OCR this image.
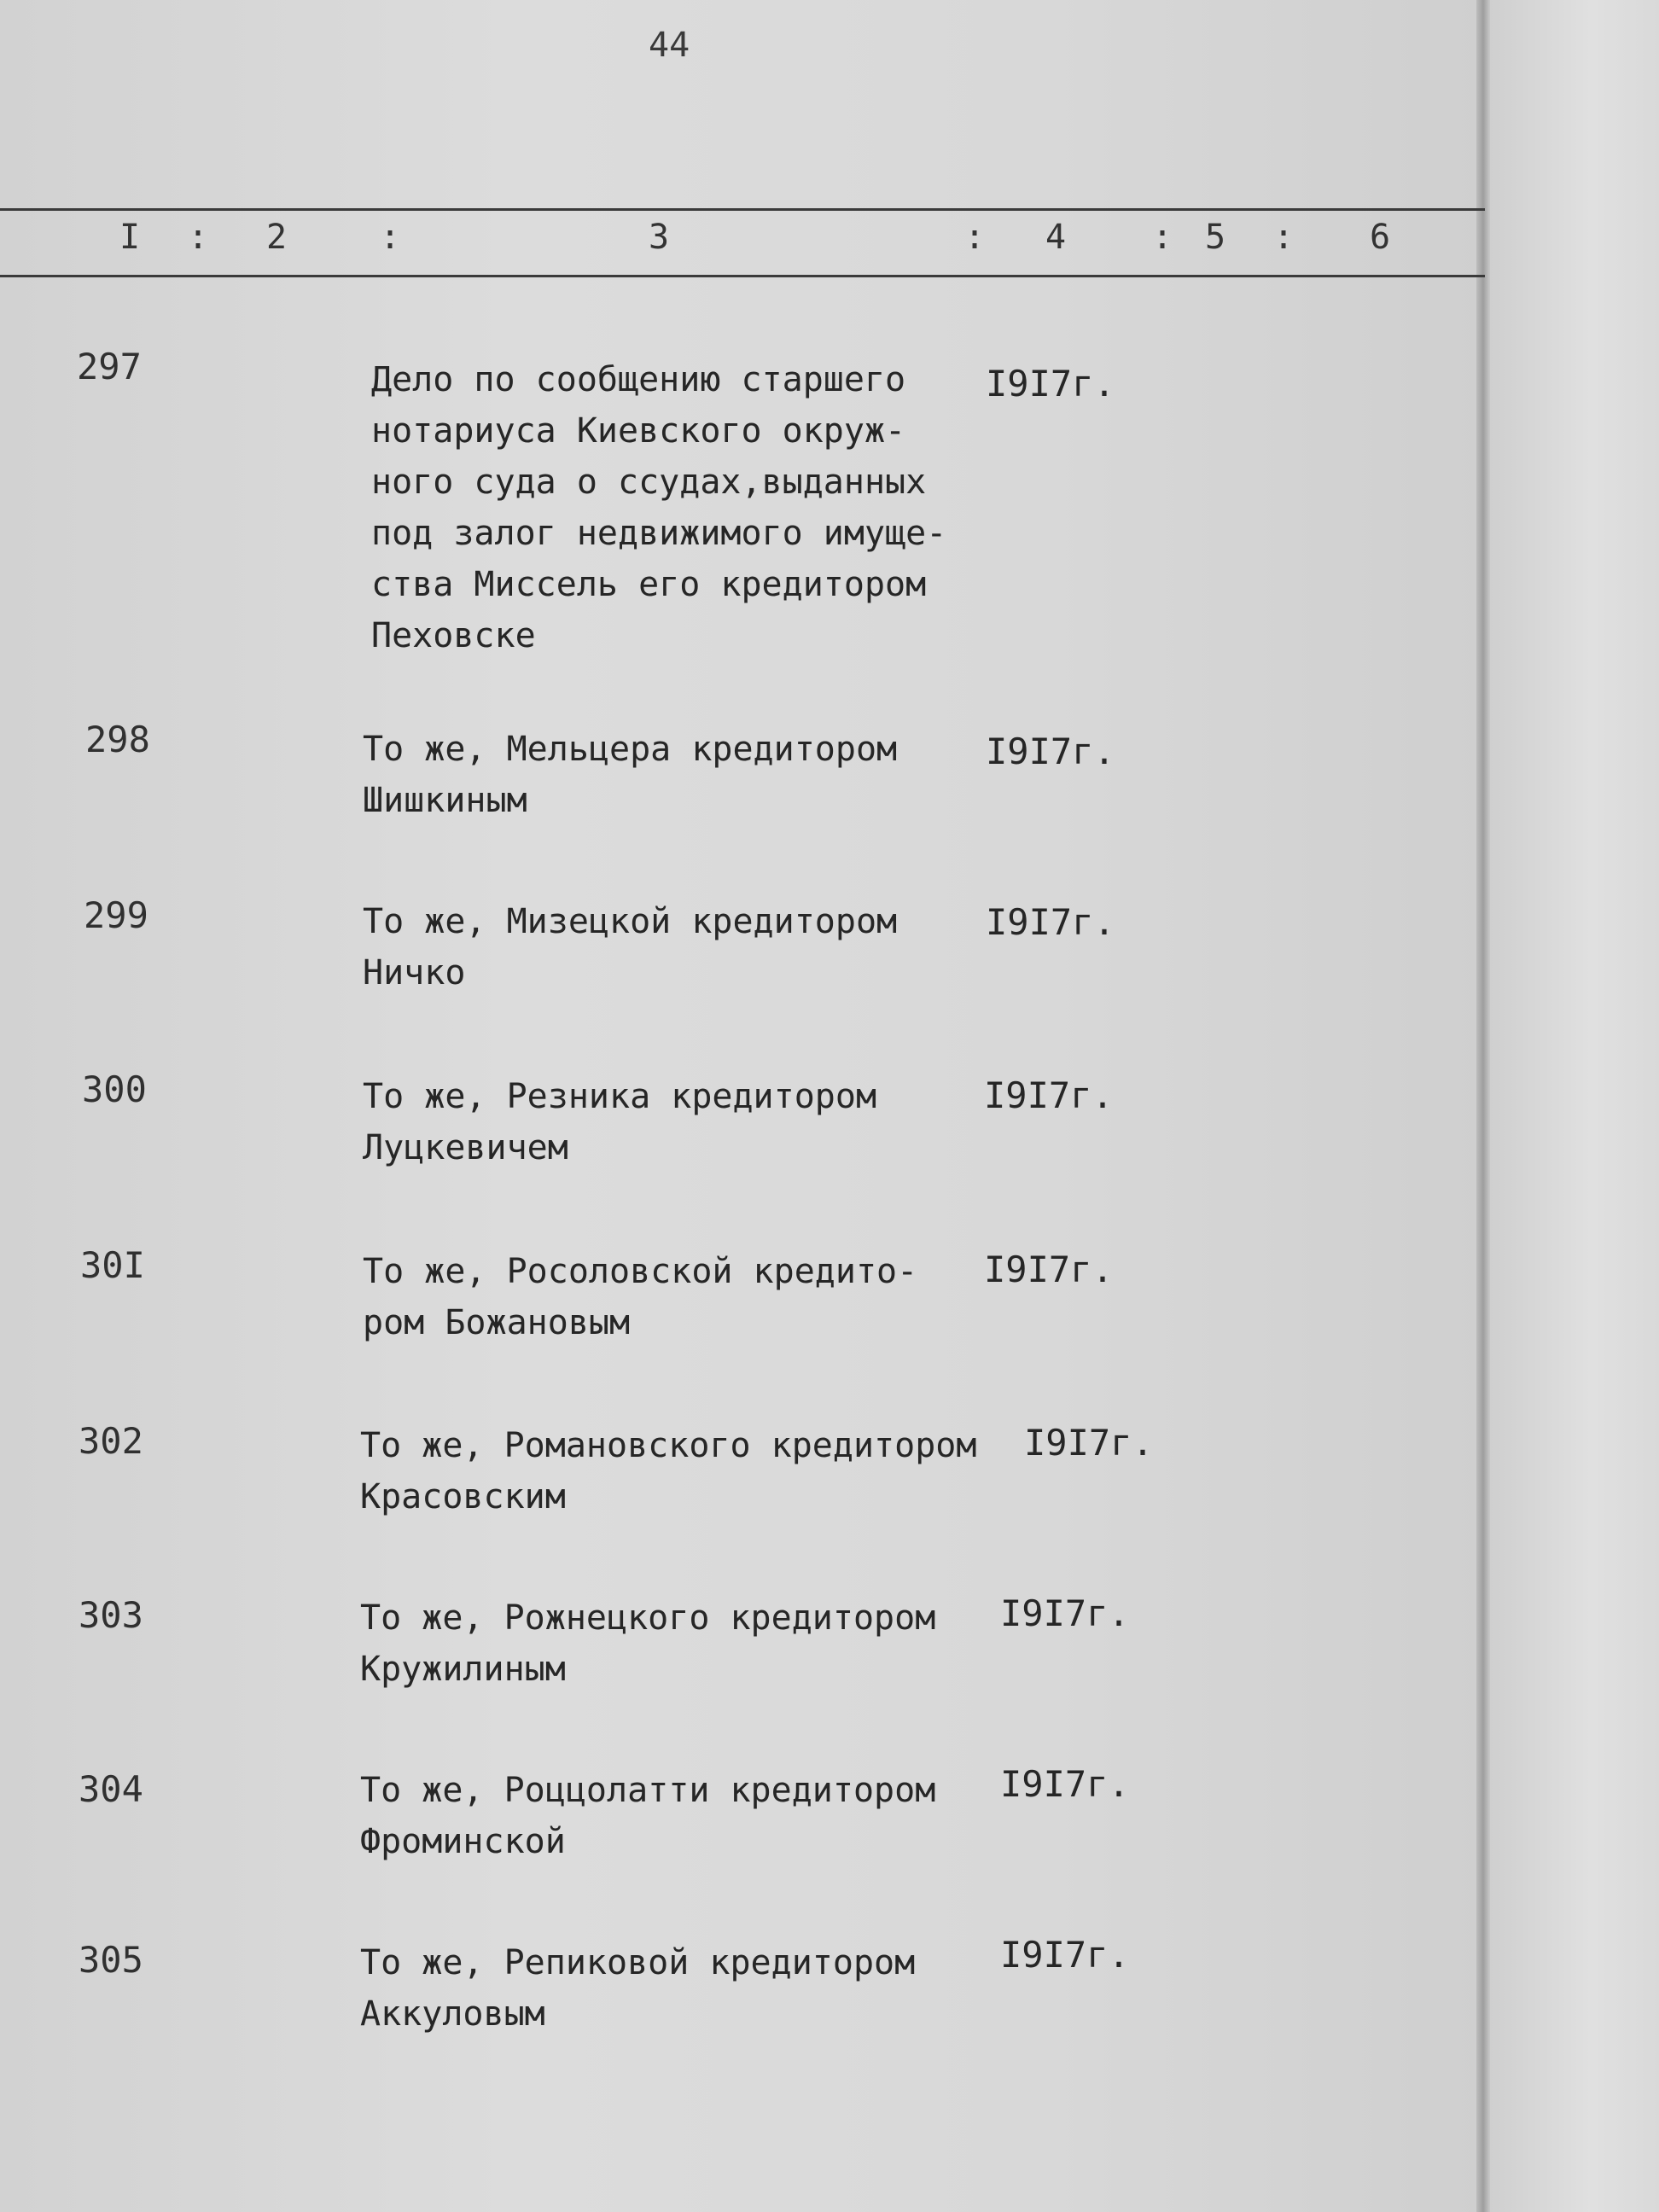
44
I : 2	:	3	: 4	: 5 : 6
297	Дело по сообщению старшего
нотариуса Киевского окруж-
ного суда о ссудах,выданных
под залог недвижимого имуще-
ства Миссель его кредитором
Пеховске
I9I7г.
298	То же, Мельцера кредитором
Шишкиным
I9I7г.
299	То же, Мизецкой кредитором
Ничко
I9I7г.
300	То же, Резника кредитором
Луцкевичем
I9I7г.
30I	То же, Росоловской кредито-
ром Божановым
I9I7г.
302	То же, Романовского кредитором
Красовским
I9I7г.
303	То же, Рожнецкого кредитором
Кружилиным
I9I7г.
304	То же, Роццолатти кредитором
Фроминской
I9I7г.
305	То же, Репиковой кредитором
Аккуловым
I9I7г.
